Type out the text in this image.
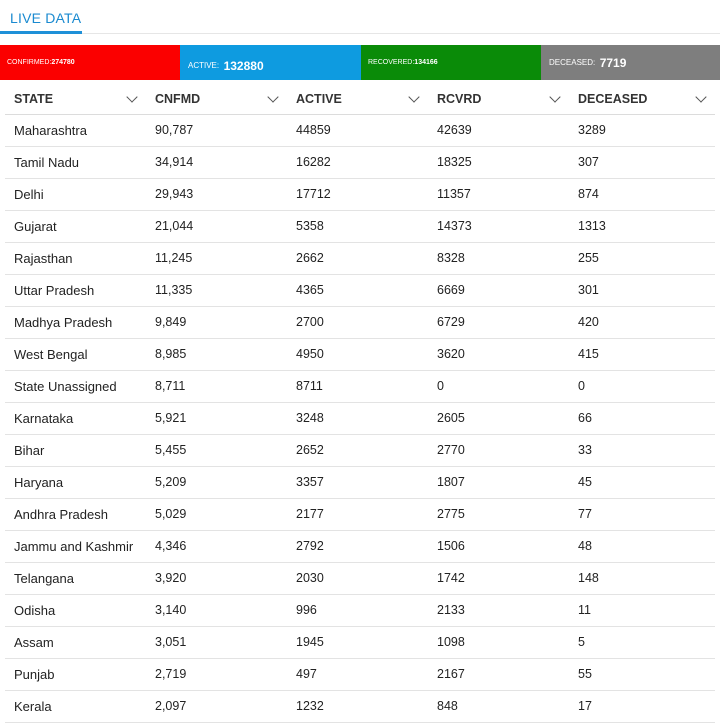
LIVE DATA
CONFIRMED: 274780	ACTIVE:
132880	RECOVERED: 134166	DECEASED:
7719
STATE	CNFMD	ACTIVE	RCVRD	DECEASED

Maharashtra	90,787	44859	42639	3289
Tamil Nadu	34,914	16282	18325	307
Delhi	29,943	17712	11357	874
Gujarat	21,044	5358	14373	1313
Rajasthan	11,245	2662	8328	255
Uttar Pradesh	11,335	4365	6669	301
Madhya Pradesh	9,849	2700	6729	420
West Bengal	8,985	4950	3620	415
State Unassigned	8,711	8711	0	0
Karnataka	5,921	3248	2605	66
Bihar	5,455	2652	2770	33
Haryana	5,209	3357	1807	45
Andhra Pradesh	5,029	2177	2775	77
Jammu and Kashmir	4,346	2792	1506	48
Telangana	3,920	2030	1742	148
Odisha	3,140	996	2133	11
Assam	3,051	1945	1098	5
Punjab	2,719	497	2167	55
Kerala	2,097	1232	848	17
